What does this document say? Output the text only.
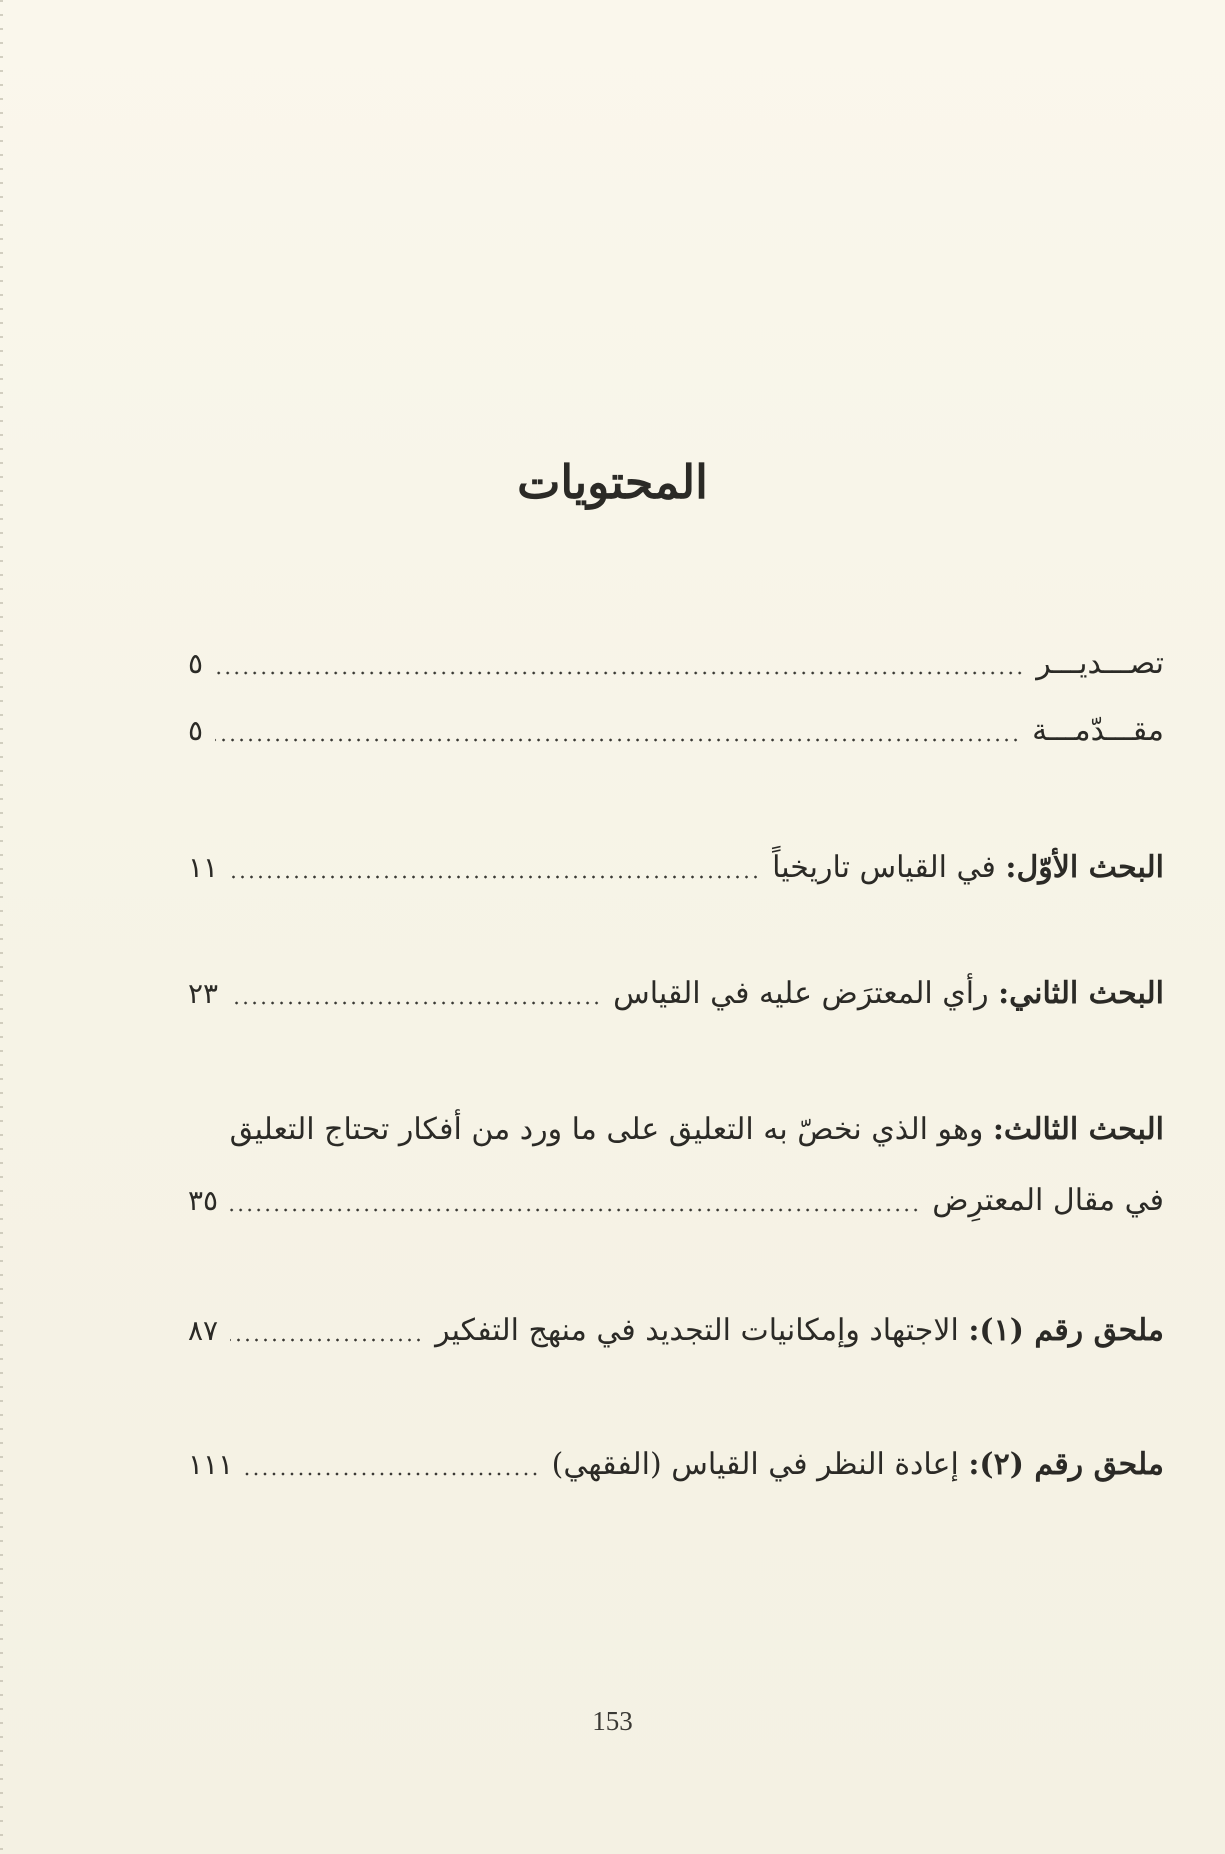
المحتويات
تصـــديـــر
٥
مقـــدّمـــة
٥
البحث الأوّل: في القياس تاريخياً
١١
البحث الثاني: رأي المعترَض عليه في القياس
٢٣
البحث الثالث: وهو الذي نخصّ به التعليق على ما ورد من أفكار تحتاج التعليق
في مقال المعترِض
٣٥
ملحق رقم (١): الاجتهاد وإمكانيات التجديد في منهج التفكير
٨٧
ملحق رقم (٢): إعادة النظر في القياس (الفقهي)
١١١
153
